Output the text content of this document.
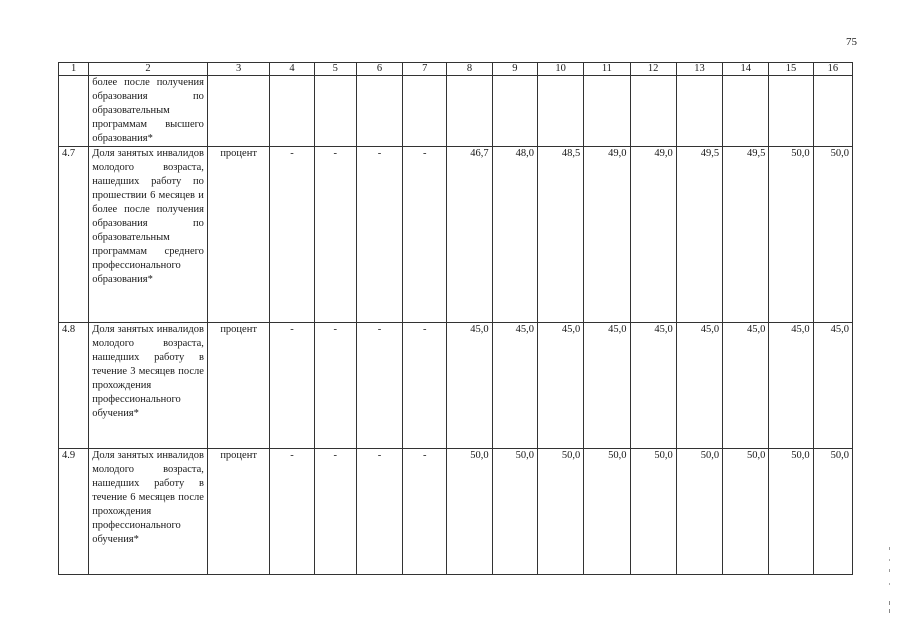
75
1	2	3	4	5	6	7	8	9	10	11	12	13	14	15	16
	более после получения образования по образовательным программам высшего образования*														
4.7	Доля занятых инвалидов молодого возраста, нашедших работу по прошествии 6 месяцев и более после получения образования по образовательным программам среднего профессионального образования*	процент	-	-	-	-	46,7	48,0	48,5	49,0	49,0	49,5	49,5	50,0	50,0
4.8	Доля занятых инвалидов молодого возраста, нашедших работу в течение 3 месяцев после прохождения профессионального обучения*	процент	-	-	-	-	45,0	45,0	45,0	45,0	45,0	45,0	45,0	45,0	45,0
4.9	Доля занятых инвалидов молодого возраста, нашедших работу в течение 6 месяцев после прохождения профессионального обучения*	процент	-	-	-	-	50,0	50,0	50,0	50,0	50,0	50,0	50,0	50,0	50,0
